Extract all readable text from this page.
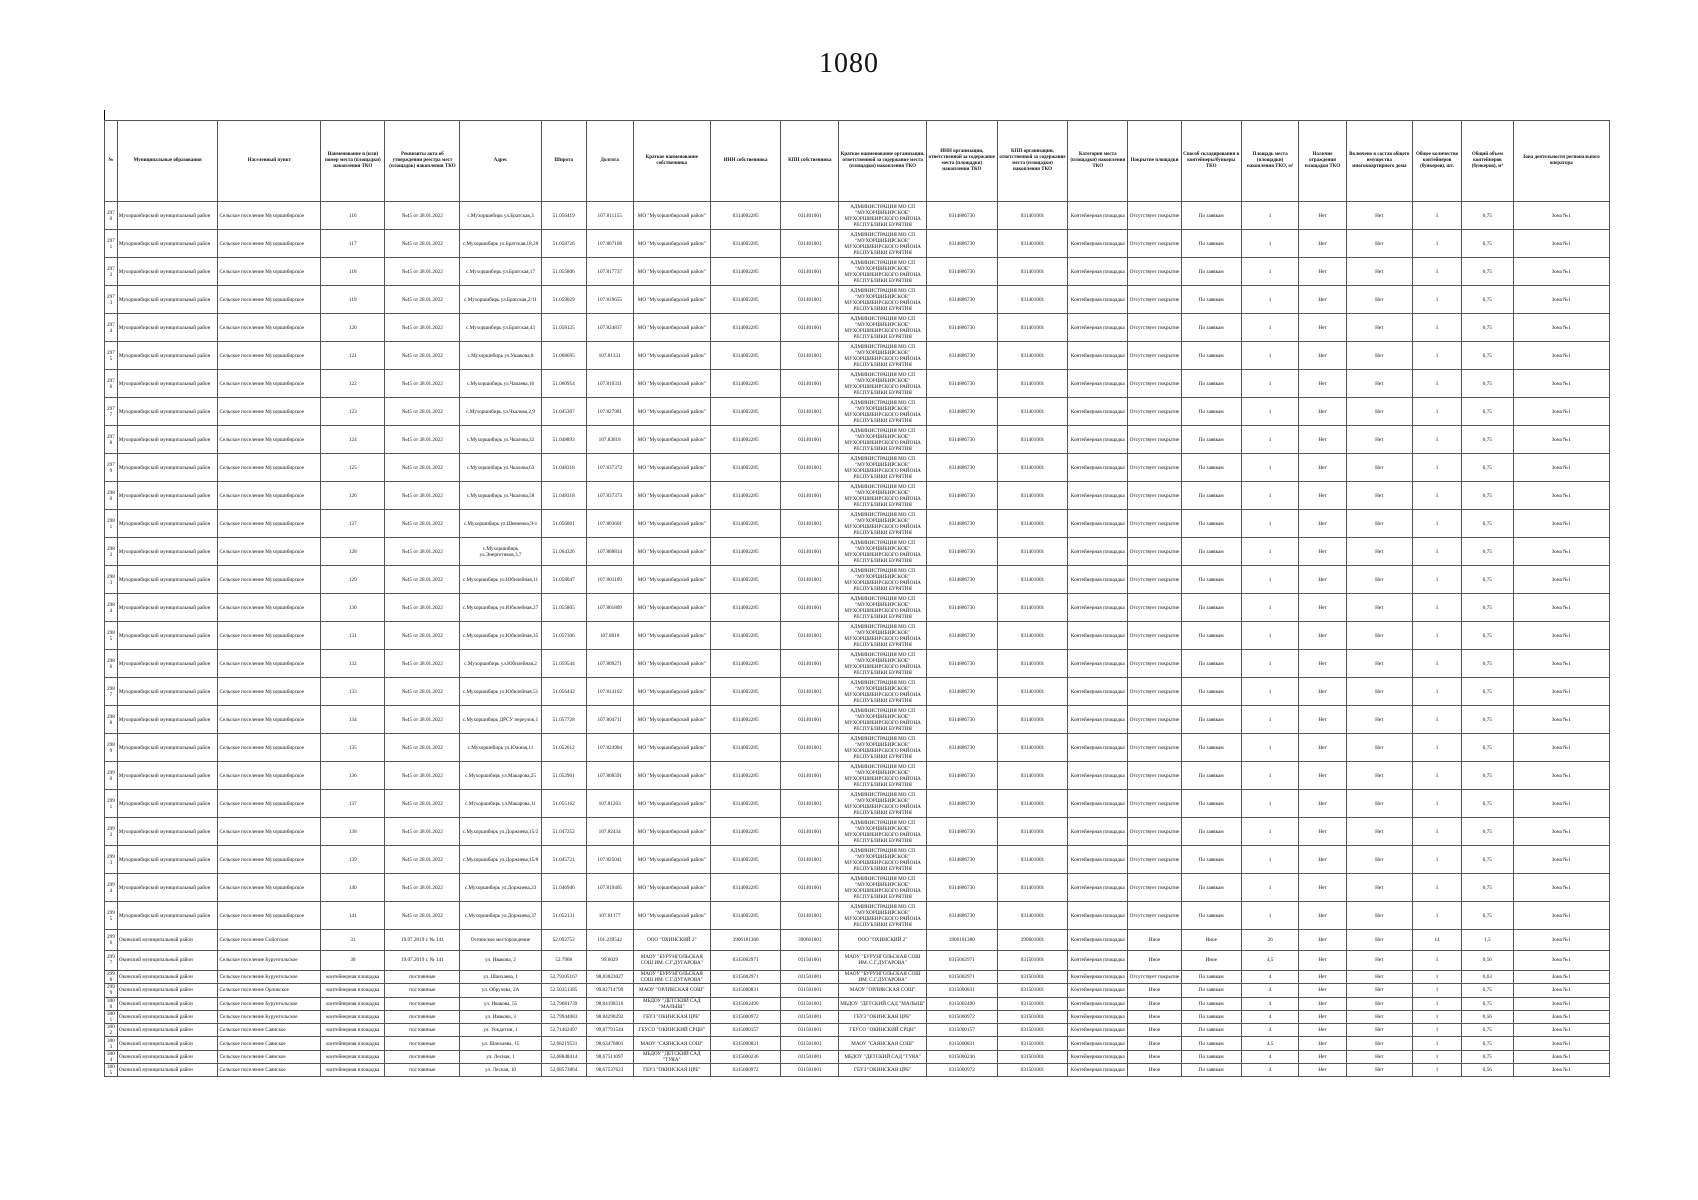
1080
№	Муниципальные образования	Населенный пункт	Наименование и (или) номер места (площадки) накопления ТКО	Реквизиты акта об утверждении реестра мест (площадок) накопления ТКО	Адрес	Широта	Долгота	Краткое наименование собственника	ИНН собственника	КПП собственника	Краткое наименование организации, ответственной за содержание места (площадки) накопления ТКО	ИНН организации, ответственной за содержание места (площадки) накопления ТКО	КПП организации, ответственной за содержание места (площадки) накопления ТКО	Категория места (площадки) накопления ТКО	Покрытие площадки	Способ складирования в контейнеры/бункеры ТКО	Площадь места (площадки) накопления ТКО, м²	Наличие ограждения площадки ТКО	Включено в состав общего имущества многоквартирного дома	Общее количество контейнеров (бункеров), шт.	Общий объем контейнеров (бункеров), м³	Зона деятельности регионального оператора
2970	Мухоршибирский муниципальный район	Сельское поселение Мухоршибирское	116	№45 от 28.01.2022	с.Мухоршибирь ул.Братская,3	51.056419	107.811155	МО "Мухоршибирский район"	0314002285	031401001	АДМИНИСТРАЦИЯ МО СП "МУХОРШИБИРСКОЕ" МУХОРШИБИРСКОГО РАЙОНА РЕСПУБЛИКИ БУРЯТИЯ	0314886730	031401001	Контейнерная площадка	Отсутствует покрытие	По заявкам	1	Нет	Нет	1	0,75	Зона №1
2971	Мухоршибирский муниципальный район	Сельское поселение Мухоршибирское	117	№45 от 28.01.2022	с.Мухоршибирь ул.Братская,18,28	51.058726	107.807108	МО "Мухоршибирский район"	0314002285	031401001	АДМИНИСТРАЦИЯ МО СП "МУХОРШИБИРСКОЕ" МУХОРШИБИРСКОГО РАЙОНА РЕСПУБЛИКИ БУРЯТИЯ	0314886730	031401001	Контейнерная площадка	Отсутствует покрытие	По заявкам	1	Нет	Нет	1	0,75	Зона №1
2972	Мухоршибирский муниципальный район	Сельское поселение Мухоршибирское	118	№45 от 28.01.2022	с.Мухоршибирь ул.Братская,17	51.055806	107.817737	МО "Мухоршибирский район"	0314002285	031401001	АДМИНИСТРАЦИЯ МО СП "МУХОРШИБИРСКОЕ" МУХОРШИБИРСКОГО РАЙОНА РЕСПУБЛИКИ БУРЯТИЯ	0314886730	031401001	Контейнерная площадка	Отсутствует покрытие	По заявкам	1	Нет	Нет	1	0,75	Зона №1
2973	Мухоршибирский муниципальный район	Сельское поселение Мухоршибирское	119	№45 от 28.01.2022	с.Мухоршибирь ул.Братская,2/11	51.059029	107.819655	МО "Мухоршибирский район"	0314002285	031401001	АДМИНИСТРАЦИЯ МО СП "МУХОРШИБИРСКОЕ" МУХОРШИБИРСКОГО РАЙОНА РЕСПУБЛИКИ БУРЯТИЯ	0314886730	031401001	Контейнерная площадка	Отсутствует покрытие	По заявкам	1	Нет	Нет	1	0,75	Зона №1
2974	Мухоршибирский муниципальный район	Сельское поселение Мухоршибирское	120	№45 от 28.01.2022	с.Мухоршибирь ул.Братская,43	51.058125	107.824837	МО "Мухоршибирский район"	0314002285	031401001	АДМИНИСТРАЦИЯ МО СП "МУХОРШИБИРСКОЕ" МУХОРШИБИРСКОГО РАЙОНА РЕСПУБЛИКИ БУРЯТИЯ	0314886730	031401001	Контейнерная площадка	Отсутствует покрытие	По заявкам	1	Нет	Нет	1	0,75	Зона №1
2975	Мухоршибирский муниципальный район	Сельское поселение Мухоршибирское	121	№45 от 28.01.2022	с.Мухоршибирь ул.Ушакова,8	51.068695	107.81331	МО "Мухоршибирский район"	0314002285	031401001	АДМИНИСТРАЦИЯ МО СП "МУХОРШИБИРСКОЕ" МУХОРШИБИРСКОГО РАЙОНА РЕСПУБЛИКИ БУРЯТИЯ	0314886730	031401001	Контейнерная площадка	Отсутствует покрытие	По заявкам	1	Нет	Нет	1	0,75	Зона №1
2976	Мухоршибирский муниципальный район	Сельское поселение Мухоршибирское	122	№45 от 28.01.2022	с.Мухоршибирь ул.Чапаева,16	51.060954	107.810331	МО "Мухоршибирский район"	0314002285	031401001	АДМИНИСТРАЦИЯ МО СП "МУХОРШИБИРСКОЕ" МУХОРШИБИРСКОГО РАЙОНА РЕСПУБЛИКИ БУРЯТИЯ	0314886730	031401001	Контейнерная площадка	Отсутствует покрытие	По заявкам	1	Нет	Нет	1	0,75	Зона №1
2977	Мухоршибирский муниципальный район	Сельское поселение Мухоршибирское	123	№45 от 28.01.2022	с.Мухоршибирь ул.Чкалова,2,9	51.045307	107.827981	МО "Мухоршибирский район"	0314002285	031401001	АДМИНИСТРАЦИЯ МО СП "МУХОРШИБИРСКОЕ" МУХОРШИБИРСКОГО РАЙОНА РЕСПУБЛИКИ БУРЯТИЯ	0314886730	031401001	Контейнерная площадка	Отсутствует покрытие	По заявкам	1	Нет	Нет	1	0,75	Зона №1
2978	Мухоршибирский муниципальный район	Сельское поселение Мухоршибирское	124	№45 от 28.01.2022	с.Мухоршибирь ул.Чкалова,32	51.048893	107.83018	МО "Мухоршибирский район"	0314002285	031401001	АДМИНИСТРАЦИЯ МО СП "МУХОРШИБИРСКОЕ" МУХОРШИБИРСКОГО РАЙОНА РЕСПУБЛИКИ БУРЯТИЯ	0314886730	031401001	Контейнерная площадка	Отсутствует покрытие	По заявкам	1	Нет	Нет	1	0,75	Зона №1
2979	Мухоршибирский муниципальный район	Сельское поселение Мухоршибирское	125	№45 от 28.01.2022	с.Мухоршибирь ул.Чкалова,63	51.048318	107.837372	МО "Мухоршибирский район"	0314002285	031401001	АДМИНИСТРАЦИЯ МО СП "МУХОРШИБИРСКОЕ" МУХОРШИБИРСКОГО РАЙОНА РЕСПУБЛИКИ БУРЯТИЯ	0314886730	031401001	Контейнерная площадка	Отсутствует покрытие	По заявкам	1	Нет	Нет	1	0,75	Зона №1
2980	Мухоршибирский муниципальный район	Сельское поселение Мухоршибирское	126	№45 от 28.01.2022	с.Мухоршибирь ул.Чкалова,58	51.048318	107.837373	МО "Мухоршибирский район"	0314002285	031401001	АДМИНИСТРАЦИЯ МО СП "МУХОРШИБИРСКОЕ" МУХОРШИБИРСКОГО РАЙОНА РЕСПУБЛИКИ БУРЯТИЯ	0314886730	031401001	Контейнерная площадка	Отсутствует покрытие	По заявкам	1	Нет	Нет	1	0,75	Зона №1
2981	Мухоршибирский муниципальный район	Сельское поселение Мухоршибирское	127	№45 от 28.01.2022	с.Мухоршибирь ул.Шевченко,9-1	51.056001	107.803601	МО "Мухоршибирский район"	0314002285	031401001	АДМИНИСТРАЦИЯ МО СП "МУХОРШИБИРСКОЕ" МУХОРШИБИРСКОГО РАЙОНА РЕСПУБЛИКИ БУРЯТИЯ	0314886730	031401001	Контейнерная площадка	Отсутствует покрытие	По заявкам	1	Нет	Нет	1	0,75	Зона №1
2982	Мухоршибирский муниципальный район	Сельское поселение Мухоршибирское	128	№45 от 28.01.2022	с.Мухоршибирь ул.Энергетиков,3,7	51.064326	107.808834	МО "Мухоршибирский район"	0314002285	031401001	АДМИНИСТРАЦИЯ МО СП "МУХОРШИБИРСКОЕ" МУХОРШИБИРСКОГО РАЙОНА РЕСПУБЛИКИ БУРЯТИЯ	0314886730	031401001	Контейнерная площадка	Отсутствует покрытие	По заявкам	1	Нет	Нет	1	0,75	Зона №1
2983	Мухоршибирский муниципальный район	Сельское поселение Мухоршибирское	129	№45 от 28.01.2022	с.Мухоршибирь ул.Юбилейная,11	51.058047	107.801109	МО "Мухоршибирский район"	0314002285	031401001	АДМИНИСТРАЦИЯ МО СП "МУХОРШИБИРСКОЕ" МУХОРШИБИРСКОГО РАЙОНА РЕСПУБЛИКИ БУРЯТИЯ	0314886730	031401001	Контейнерная площадка	Отсутствует покрытие	По заявкам	1	Нет	Нет	1	0,75	Зона №1
2984	Мухоршибирский муниципальный район	Сельское поселение Мухоршибирское	130	№45 от 28.01.2022	с.Мухоршибирь ул.Юбилейная,27	51.055805	107.801809	МО "Мухоршибирский район"	0314002285	031401001	АДМИНИСТРАЦИЯ МО СП "МУХОРШИБИРСКОЕ" МУХОРШИБИРСКОГО РАЙОНА РЕСПУБЛИКИ БУРЯТИЯ	0314886730	031401001	Контейнерная площадка	Отсутствует покрытие	По заявкам	1	Нет	Нет	1	0,75	Зона №1
2985	Мухоршибирский муниципальный район	Сельское поселение Мухоршибирское	131	№45 от 28.01.2022	с.Мухоршибирь ул.Юбилейная,35	51.057306	107.8018	МО "Мухоршибирский район"	0314002285	031401001	АДМИНИСТРАЦИЯ МО СП "МУХОРШИБИРСКОЕ" МУХОРШИБИРСКОГО РАЙОНА РЕСПУБЛИКИ БУРЯТИЯ	0314886730	031401001	Контейнерная площадка	Отсутствует покрытие	По заявкам	1	Нет	Нет	1	0,75	Зона №1
2986	Мухоршибирский муниципальный район	Сельское поселение Мухоршибирское	132	№45 от 28.01.2022	с.Мухоршибирь ул.Юбилейная,2	51.059544	107.809271	МО "Мухоршибирский район"	0314002285	031401001	АДМИНИСТРАЦИЯ МО СП "МУХОРШИБИРСКОЕ" МУХОРШИБИРСКОГО РАЙОНА РЕСПУБЛИКИ БУРЯТИЯ	0314886730	031401001	Контейнерная площадка	Отсутствует покрытие	По заявкам	1	Нет	Нет	1	0,75	Зона №1
2987	Мухоршибирский муниципальный район	Сельское поселение Мухоршибирское	133	№45 от 28.01.2022	с.Мухоршибирь ул.Юбилейная,51	51.056442	107.814102	МО "Мухоршибирский район"	0314002285	031401001	АДМИНИСТРАЦИЯ МО СП "МУХОРШИБИРСКОЕ" МУХОРШИБИРСКОГО РАЙОНА РЕСПУБЛИКИ БУРЯТИЯ	0314886730	031401001	Контейнерная площадка	Отсутствует покрытие	По заявкам	1	Нет	Нет	1	0,75	Зона №1
2988	Мухоршибирский муниципальный район	Сельское поселение Мухоршибирское	134	№45 от 28.01.2022	с.Мухоршибирь ДРСУ переулок,1	51.057728	107.804711	МО "Мухоршибирский район"	0314002285	031401001	АДМИНИСТРАЦИЯ МО СП "МУХОРШИБИРСКОЕ" МУХОРШИБИРСКОГО РАЙОНА РЕСПУБЛИКИ БУРЯТИЯ	0314886730	031401001	Контейнерная площадка	Отсутствует покрытие	По заявкам	1	Нет	Нет	1	0,75	Зона №1
2989	Мухоршибирский муниципальный район	Сельское поселение Мухоршибирское	135	№45 от 28.01.2022	с.Мухоршибирь ул.Южная,11	51.052612	107.824904	МО "Мухоршибирский район"	0314002285	031401001	АДМИНИСТРАЦИЯ МО СП "МУХОРШИБИРСКОЕ" МУХОРШИБИРСКОГО РАЙОНА РЕСПУБЛИКИ БУРЯТИЯ	0314886730	031401001	Контейнерная площадка	Отсутствует покрытие	По заявкам	1	Нет	Нет	1	0,75	Зона №1
2990	Мухоршибирский муниципальный район	Сельское поселение Мухоршибирское	136	№45 от 28.01.2022	с.Мухоршибирь ул.Макарова,25	51.052901	107.808591	МО "Мухоршибирский район"	0314002285	031401001	АДМИНИСТРАЦИЯ МО СП "МУХОРШИБИРСКОЕ" МУХОРШИБИРСКОГО РАЙОНА РЕСПУБЛИКИ БУРЯТИЯ	0314886730	031401001	Контейнерная площадка	Отсутствует покрытие	По заявкам	1	Нет	Нет	1	0,75	Зона №1
2991	Мухоршибирский муниципальный район	Сельское поселение Мухоршибирское	137	№45 от 28.01.2022	с.Мухоршибирь ул.Макарова,11	51.055162	107.81203	МО "Мухоршибирский район"	0314002285	031401001	АДМИНИСТРАЦИЯ МО СП "МУХОРШИБИРСКОЕ" МУХОРШИБИРСКОГО РАЙОНА РЕСПУБЛИКИ БУРЯТИЯ	0314886730	031401001	Контейнерная площадка	Отсутствует покрытие	По заявкам	1	Нет	Нет	1	0,75	Зона №1
2992	Мухоршибирский муниципальный район	Сельское поселение Мухоршибирское	138	№45 от 28.01.2022	с.Мухоршибирь ул.Доржиева,15/2	51.047252	107.82434	МО "Мухоршибирский район"	0314002285	031401001	АДМИНИСТРАЦИЯ МО СП "МУХОРШИБИРСКОЕ" МУХОРШИБИРСКОГО РАЙОНА РЕСПУБЛИКИ БУРЯТИЯ	0314886730	031401001	Контейнерная площадка	Отсутствует покрытие	По заявкам	1	Нет	Нет	1	0,75	Зона №1
2993	Мухоршибирский муниципальный район	Сельское поселение Мухоршибирское	139	№45 от 28.01.2022	с.Мухоршибирь ул.Доржиева,15/8	51.045721	107.825041	МО "Мухоршибирский район"	0314002285	031401001	АДМИНИСТРАЦИЯ МО СП "МУХОРШИБИРСКОЕ" МУХОРШИБИРСКОГО РАЙОНА РЕСПУБЛИКИ БУРЯТИЯ	0314886730	031401001	Контейнерная площадка	Отсутствует покрытие	По заявкам	1	Нет	Нет	1	0,75	Зона №1
2994	Мухоршибирский муниципальный район	Сельское поселение Мухоршибирское	140	№45 от 28.01.2022	с.Мухоршибирь ул.Доржиева,23	51.046946	107.819405	МО "Мухоршибирский район"	0314002285	031401001	АДМИНИСТРАЦИЯ МО СП "МУХОРШИБИРСКОЕ" МУХОРШИБИРСКОГО РАЙОНА РЕСПУБЛИКИ БУРЯТИЯ	0314886730	031401001	Контейнерная площадка	Отсутствует покрытие	По заявкам	1	Нет	Нет	1	0,75	Зона №1
2995	Мухоршибирский муниципальный район	Сельское поселение Мухоршибирское	141	№45 от 28.01.2022	с.Мухоршибирь ул.Доржиева,37	51.052131	107.81177	МО "Мухоршибирский район"	0314002285	031401001	АДМИНИСТРАЦИЯ МО СП "МУХОРШИБИРСКОЕ" МУХОРШИБИРСКОГО РАЙОНА РЕСПУБЛИКИ БУРЯТИЯ	0314886730	031401001	Контейнерная площадка	Отсутствует покрытие	По заявкам	1	Нет	Нет	1	0,75	Зона №1
2996	Окинский муниципальный район	Сельское поселение Сойотское	31	19.07.2019 г. № 141	Оспинское месторождение	52.092752	101.239542	ООО "ОХИНСКИЙ 2"	3906181380	390601001	ООО "ОХИНСКИЙ 2"	3906181380	390601001	Контейнерная площадка	Иное	Иное	26	Нет	Нет	14	1,5	Зона №1
2997	Окинский муниципальный район	Сельское поселение Бурунгольское	30	19.07.2019 г. № 141	ул. Ивакова, 2	52.7968	99.6029	МАОУ "БУРУНГОЛЬСКАЯ СОШ ИМ. С.Г.ДУГАРОВА"	0315002971	031501001	МАОУ "БУРУНГОЛЬСКАЯ СОШ ИМ. С.Г.ДУГАРОВА"	0315002971	031501001	Контейнерная площадка	Иное	Иное	4,5	Нет	Нет	1	0,56	Зона №1
2998	Окинский муниципальный район	Сельское поселение Бурунгольское	контейнерная площадка	постоянные	ул. Шанхаева, 1	52,79105167	98,83823027	МАОУ "БУРУНГОЛЬСКАЯ СОШ ИМ. С.Г.ДУГАРОВА"	0315002971	031501001	МАОУ "БУРУНГОЛЬСКАЯ СОШ ИМ. С.Г.ДУГАРОВА"	0315002971	031501001	Контейнерная площадка	Отсутствует покрытие	По заявкам	4	Нет	Нет	1	0,63	Зона №1
2999	Окинский муниципальный район	Сельское поселение Орликское	контейнерная площадка	постоянные	ул. Обручева, 2А	52.50351385	99.82714799	МАОУ "ОРЛИКСКАЯ СОШ"	0315000831	031501001	МАОУ "ОРЛИКСКАЯ СОШ"	0315000831	031501001	Контейнерная площадка	Иное	По заявкам	4	Нет	Нет	1	0,75	Зона №1
3000	Окинский муниципальный район	Сельское поселение Бурунгольское	контейнерная площадка	постоянные	ул. Ивакова, 55	52,79681739	98,84198316	МБДОУ "ДЕТСКИЙ САД "МАЛЫШ"	0315002490	031501001	МБДОУ "ДЕТСКИЙ САД "МАЛЫШ"	0315002490	031501001	Контейнерная площадка	Иное	По заявкам	4	Нет	Нет	1	0,75	Зона №1
3001	Окинский муниципальный район	Сельское поселение Бурунгольское	контейнерная площадка	постоянные	ул. Ивакова, 3	52.79944083	98.84290292	ГБУЗ "ОКИНСКАЯ ЦРБ"	0315000972	031501001	ГБУЗ "ОКИНСКАЯ ЦРБ"	0315000972	031501001	Контейнерная площадка	Иное	По заявкам	4	Нет	Нет	1	0,56	Зона №1
3002	Окинский муниципальный район	Сельское поселение Саянское	контейнерная площадка	постоянные	ул. Уокдитин, 1	52,71462497	99,87791544	ГБУСО "ОКИНСКИЙ СРЦН"	0315000157	031501001	ГБУСО "ОКИНСКИЙ СРЦН"	0315000157	031501001	Контейнерная площадка	Иное	По заявкам	4	Нет	Нет	1	0,75	Зона №1
3003	Окинский муниципальный район	Сельское поселение Саянское	контейнерная площадка	постоянные	ул. Шанхаева, 15	52,68219531	98,63476801	МАОУ "САЯНСКАЯ СОШ"	0315000831	031501001	МАОУ "САЯНСКАЯ СОШ"	0315000831	031501001	Контейнерная площадка	Иное	По заявкам	4,5	Нет	Нет	1	0,75	Зона №1
3004	Окинский муниципальный район	Сельское поселение Саянское	контейнерная площадка	постоянные	ул. Лесная, 1	52,68848414	98,67511097	МБДОУ "ДЕТСКИЙ САД "ТУЯА"	0315000236	031501001	МБДОУ "ДЕТСКИЙ САД "ТУЯА"	0315000236	031501001	Контейнерная площадка	Иное	По заявкам	4	Нет	Нет	1	0,75	Зона №1
3005	Окинский муниципальный район	Сельское поселение Саянское	контейнерная площадка	постоянные	ул. Лесная, 10	52,68573864	98,67537623	ГБУЗ "ОКИНСКАЯ ЦРБ"	0315000972	031501001	ГБУЗ "ОКИНСКАЯ ЦРБ"	0315000972	031501001	Контейнерная площадка	Иное	По заявкам	4	Нет	Нет	1	0,56	Зона №1
